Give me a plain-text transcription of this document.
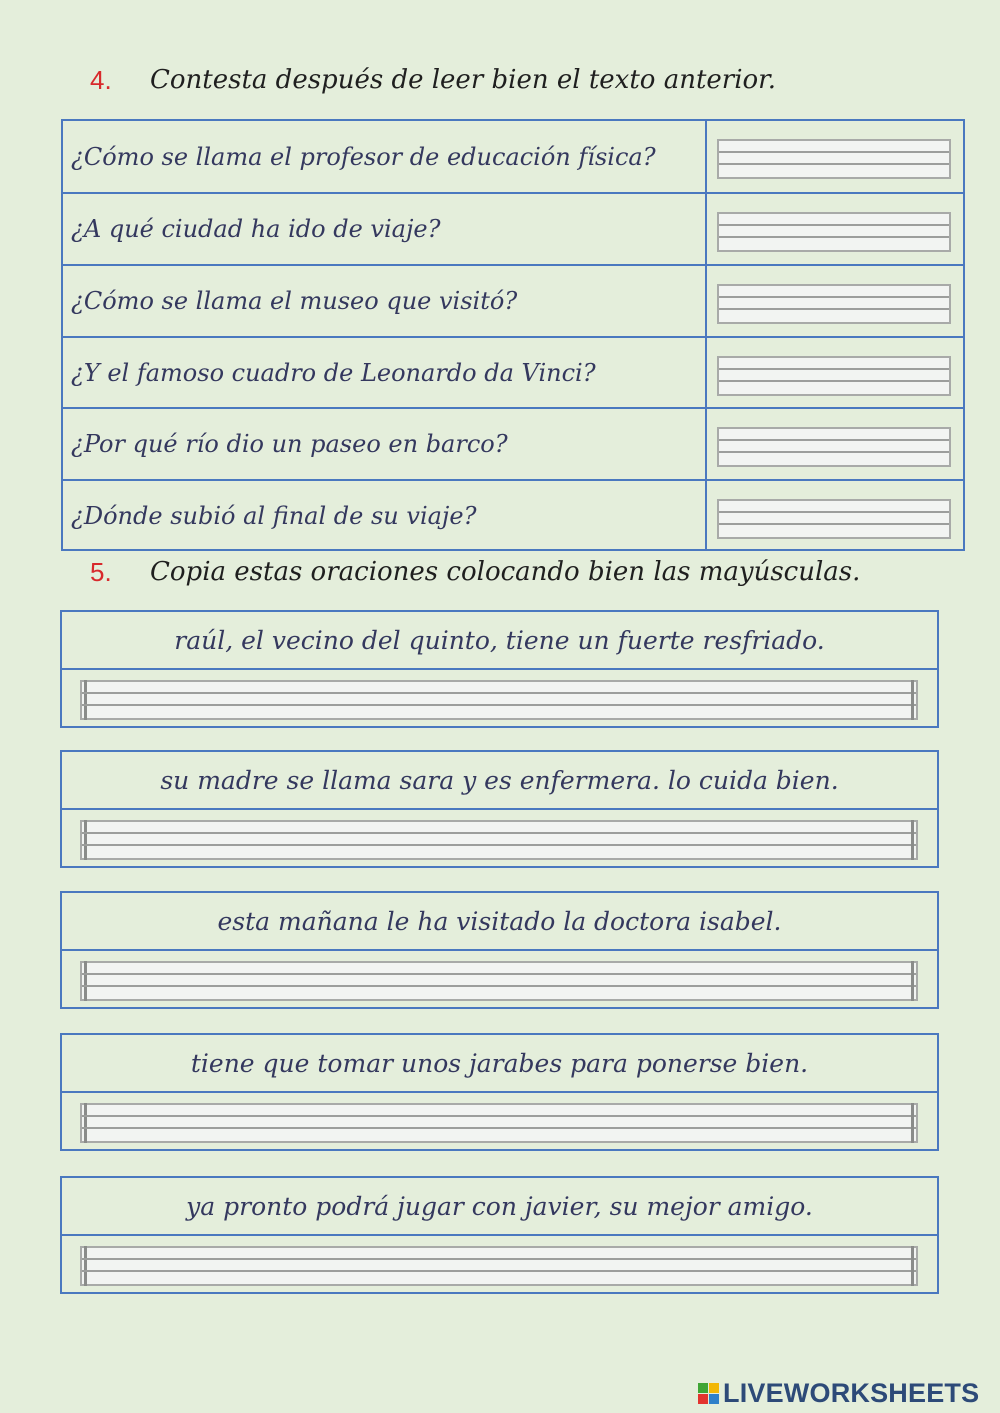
4.	Contesta después de leer bien el texto anterior.
¿Cómo se llama el profesor de educación física?
¿A qué ciudad ha ido de viaje?
¿Cómo se llama el museo que visitó?
¿Y el famoso cuadro de Leonardo da Vinci?
¿Por qué río dio un paseo en barco?
¿Dónde subió al final de su viaje?
5.	Copia estas oraciones colocando bien las mayúsculas.
raúl, el vecino del quinto, tiene un fuerte resfriado.
su madre se llama sara y es enfermera. lo cuida bien.
esta mañana le ha visitado la doctora isabel.
tiene que tomar unos jarabes para ponerse bien.
ya pronto podrá jugar con javier, su mejor amigo.
LIVEWORKSHEETS
